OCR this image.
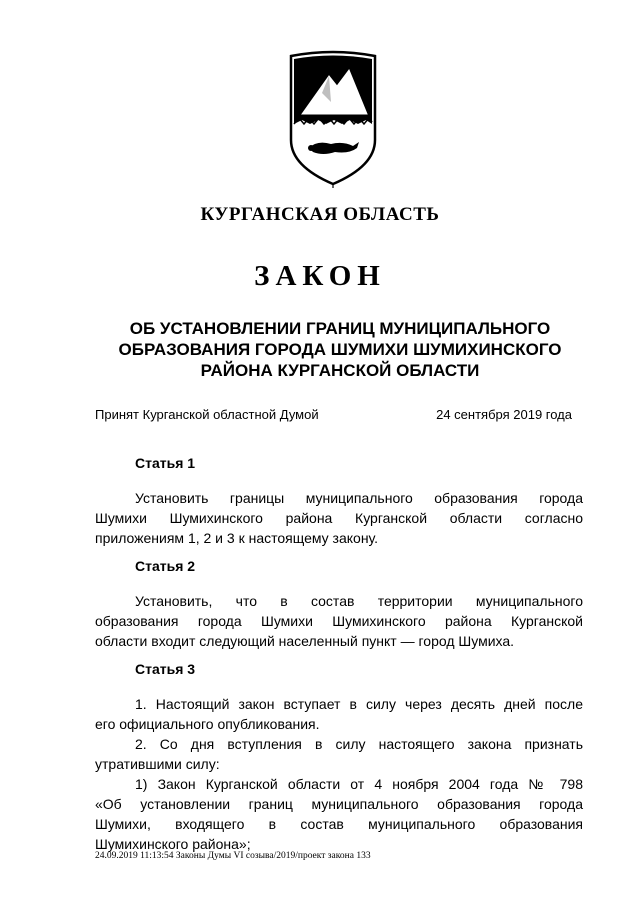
КУРГАНСКАЯ ОБЛАСТЬ
ЗАКОН
ОБ УСТАНОВЛЕНИИ ГРАНИЦ МУНИЦИПАЛЬНОГО
ОБРАЗОВАНИЯ ГОРОДА ШУМИХИ ШУМИХИНСКОГО
РАЙОНА КУРГАНСКОЙ ОБЛАСТИ
Принят Курганской областной Думой	24 сентября 2019 года
Статья 1
Установить границы муниципального образования города
Шумихи Шумихинского района Курганской области согласно
приложениям 1, 2 и 3 к настоящему закону.
Статья 2
Установить, что в состав территории муниципального
образования города Шумихи Шумихинского района Курганской
области входит следующий населенный пункт — город Шумиха.
Статья 3
1. Настоящий закон вступает в силу через десять дней после
его официального опубликования.
2. Со дня вступления в силу настоящего закона признать
утратившими силу:
1) Закон Курганской области от 4 ноября 2004 года № 798
«Об установлении границ муниципального образования города
Шумихи, входящего в состав муниципального образования
Шумихинского района»;
24.09.2019 11:13:54 Законы Думы VI созыва/2019/проект закона 133
